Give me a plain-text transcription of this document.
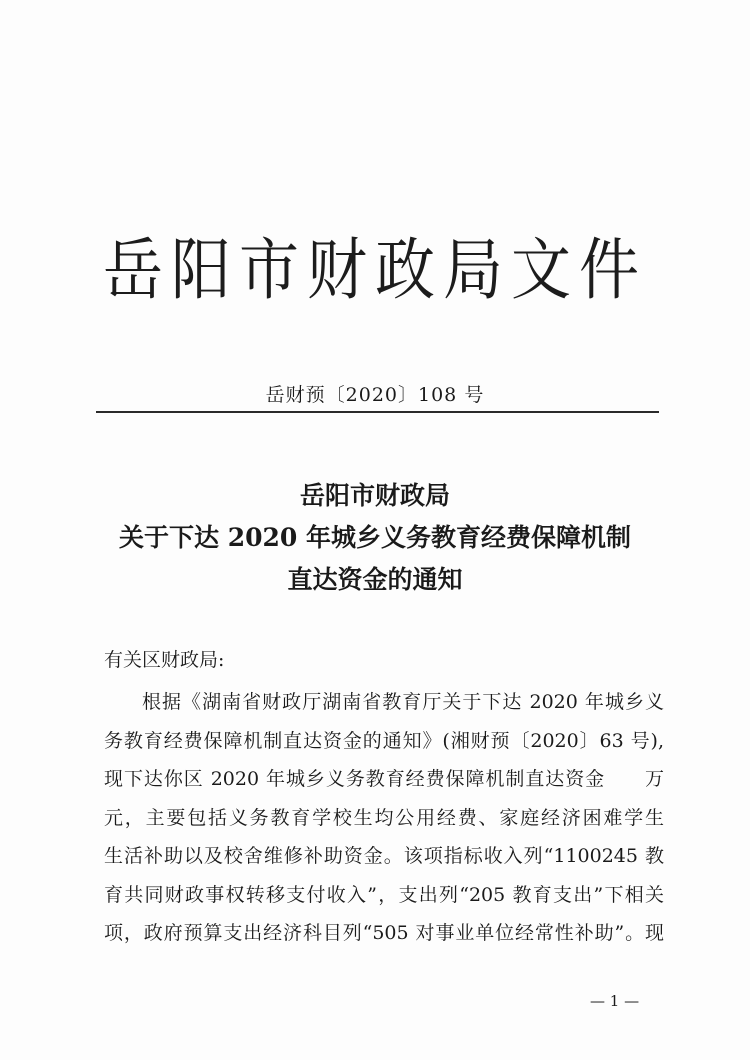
岳阳市财政局文件
岳财预〔2020〕108 号
岳阳市财政局
关于下达 2020 年城乡义务教育经费保障机制
直达资金的通知
有关区财政局:
根据《湖南省财政厅湖南省教育厅关于下达 2020 年城乡义
务教育经费保障机制直达资金的通知》(湘财预〔2020〕63 号),
现下达你区 2020 年城乡义务教育经费保障机制直达资金　　万
元，主要包括义务教育学校生均公用经费、家庭经济困难学生
生活补助以及校舍维修补助资金。该项指标收入列“1100245 教
育共同财政事权转移支付收入”，支出列“205 教育支出”下相关
项，政府预算支出经济科目列“505 对事业单位经常性补助”。现
— 1 —
